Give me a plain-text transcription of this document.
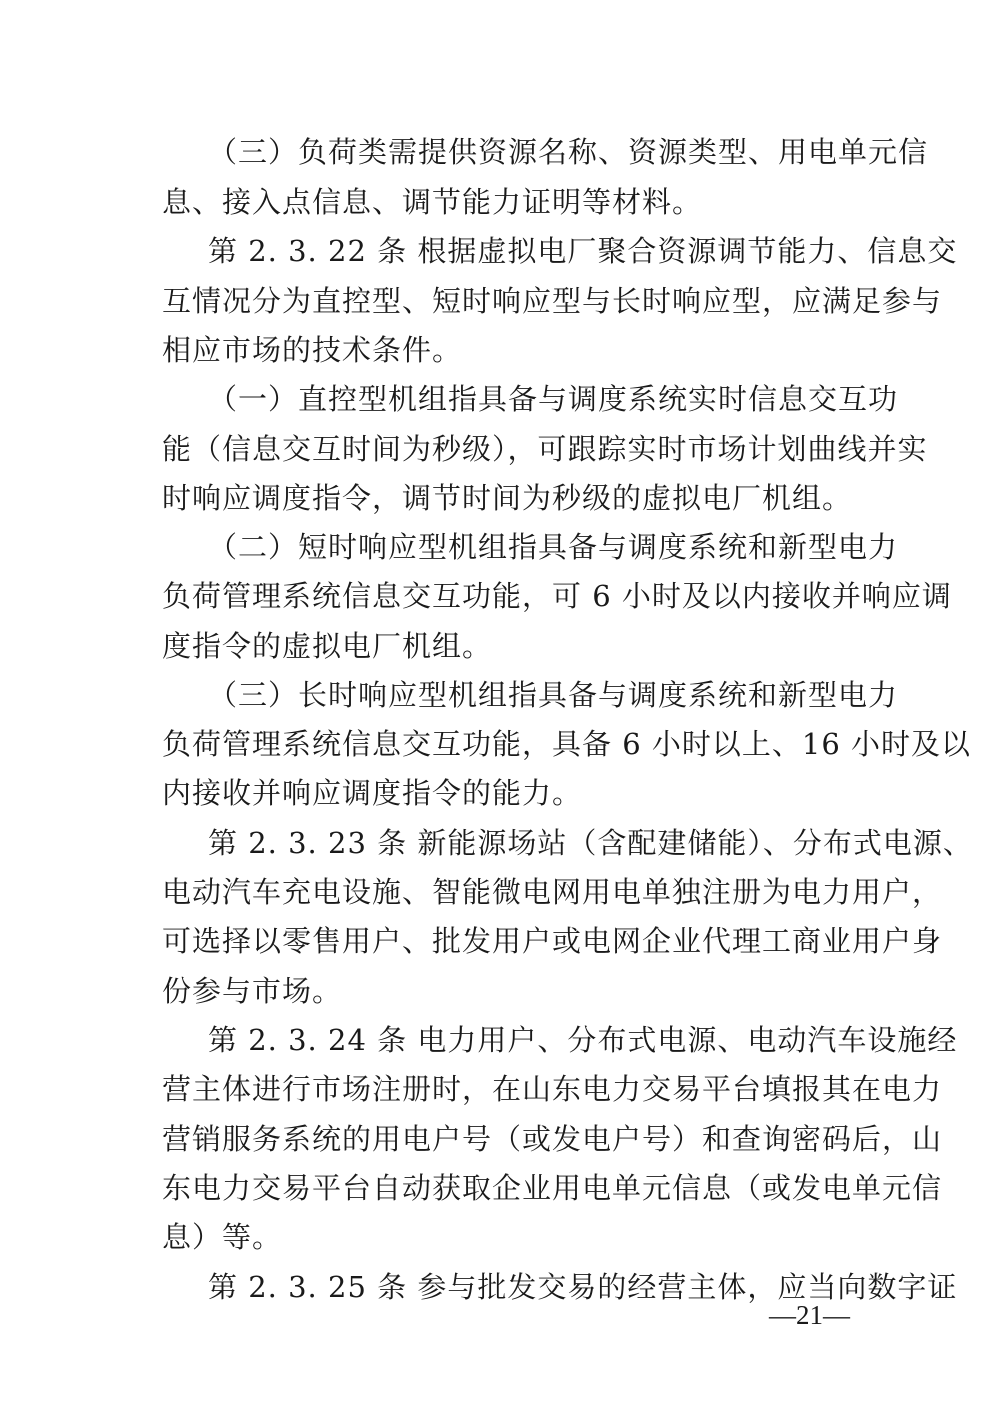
（三）负荷类需提供资源名称、资源类型、用电单元信
息、接入点信息、调节能力证明等材料。
第 2. 3. 22 条 根据虚拟电厂聚合资源调节能力、信息交
互情况分为直控型、短时响应型与长时响应型，应满足参与
相应市场的技术条件。
（一）直控型机组指具备与调度系统实时信息交互功
能（信息交互时间为秒级），可跟踪实时市场计划曲线并实
时响应调度指令，调节时间为秒级的虚拟电厂机组。
（二）短时响应型机组指具备与调度系统和新型电力
负荷管理系统信息交互功能，可 6 小时及以内接收并响应调
度指令的虚拟电厂机组。
（三）长时响应型机组指具备与调度系统和新型电力
负荷管理系统信息交互功能，具备 6 小时以上、16 小时及以
内接收并响应调度指令的能力。
第 2. 3. 23 条 新能源场站（含配建储能）、分布式电源、
电动汽车充电设施、智能微电网用电单独注册为电力用户，
可选择以零售用户、批发用户或电网企业代理工商业用户身
份参与市场。
第 2. 3. 24 条 电力用户、分布式电源、电动汽车设施经
营主体进行市场注册时，在山东电力交易平台填报其在电力
营销服务系统的用电户号（或发电户号）和查询密码后，山
东电力交易平台自动获取企业用电单元信息（或发电单元信
息）等。
第 2. 3. 25 条 参与批发交易的经营主体，应当向数字证
—21—
